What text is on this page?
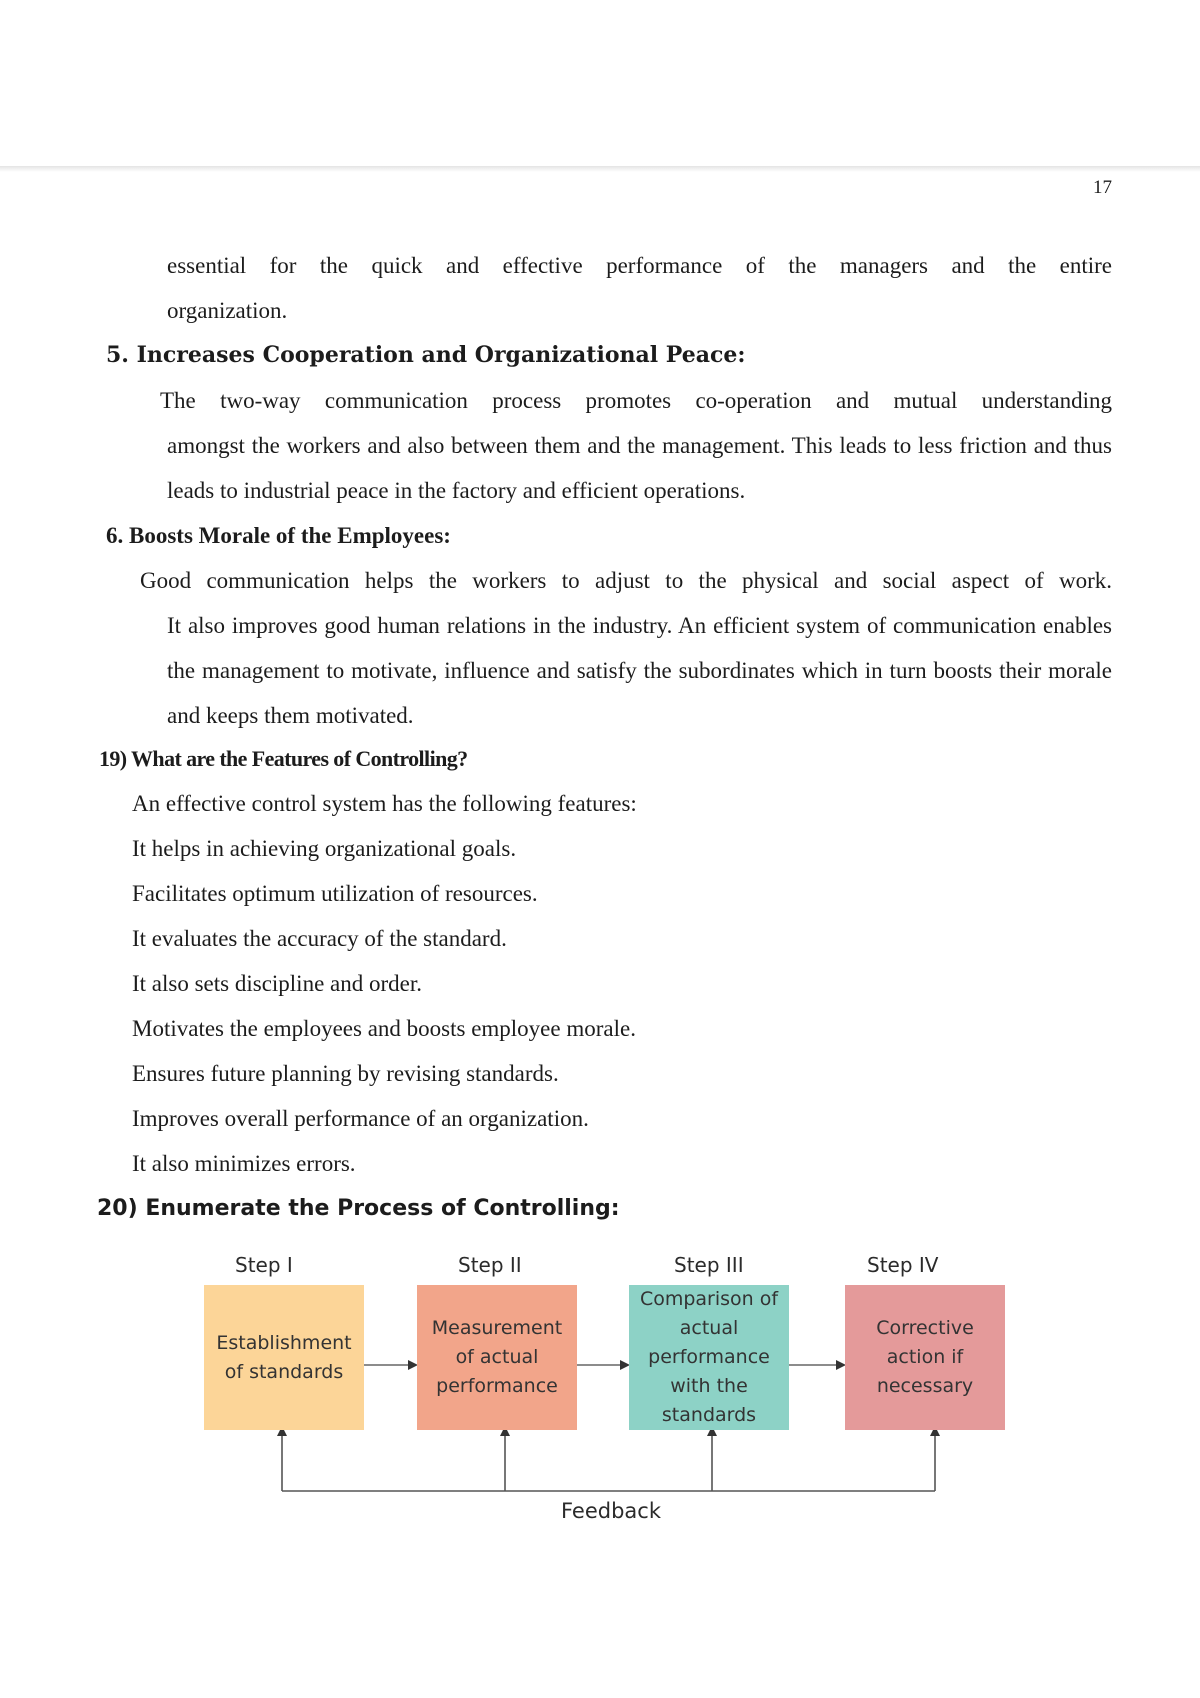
17
essential for the quick and effective performance of the managers and the entire
organization.
5. Increases Cooperation and Organizational Peace:
The two-way communication process promotes co-operation and mutual understanding
amongst the workers and also between them and the management. This leads to less friction and thus leads to industrial peace in the factory and efficient operations.
6. Boosts Morale of the Employees:
Good communication helps the workers to adjust to the physical and social aspect of work.
It also improves good human relations in the industry. An efficient system of communication enables the management to motivate, influence and satisfy the subordinates which in turn boosts their morale and keeps them motivated.
19) What are the Features of Controlling?
An effective control system has the following features:
It helps in achieving organizational goals.
Facilitates optimum utilization of resources.
It evaluates the accuracy of the standard.
It also sets discipline and order.
Motivates the employees and boosts employee morale.
Ensures future planning by revising standards.
Improves overall performance of an organization.
It also minimizes errors.
20) Enumerate the Process of Controlling:
Step I	Step II	Step III	Step IV
Establishment of standards
Measurement of actual performance
Comparison of actual performance with the standards
Corrective action if necessary
Feedback
